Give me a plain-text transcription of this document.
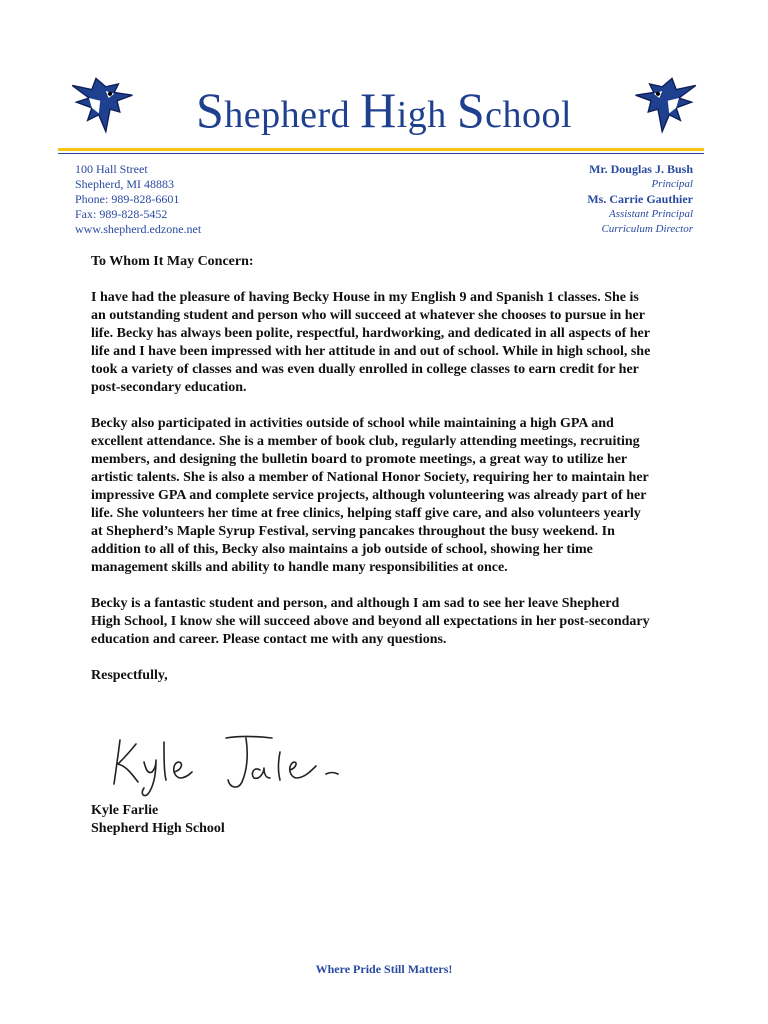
Shepherd High School
100 Hall Street
Shepherd, MI 48883
Phone: 989-828-6601
Fax: 989-828-5452
www.shepherd.edzone.net
Mr. Douglas J. Bush
Principal
Ms. Carrie Gauthier
Assistant Principal
Curriculum Director

To Whom It May Concern:

I have had the pleasure of having Becky House in my English 9 and Spanish 1 classes. She is an outstanding student and person who will succeed at whatever she chooses to pursue in her life. Becky has always been polite, respectful, hardworking, and dedicated in all aspects of her life and I have been impressed with her attitude in and out of school. While in high school, she took a variety of classes and was even dually enrolled in college classes to earn credit for her post-secondary education.

Becky also participated in activities outside of school while maintaining a high GPA and excellent attendance. She is a member of book club, regularly attending meetings, recruiting members, and designing the bulletin board to promote meetings, a great way to utilize her artistic talents. She is also a member of National Honor Society, requiring her to maintain her impressive GPA and complete service projects, although volunteering was already part of her life. She volunteers her time at free clinics, helping staff give care, and also volunteers yearly at Shepherd’s Maple Syrup Festival, serving pancakes throughout the busy weekend. In addition to all of this, Becky also maintains a job outside of school, showing her time management skills and ability to handle many responsibilities at once.

Becky is a fantastic student and person, and although I am sad to see her leave Shepherd High School, I know she will succeed above and beyond all expectations in her post-secondary education and career. Please contact me with any questions.

Respectfully,

Kyle Farlie
Shepherd High School
Where Pride Still Matters!
